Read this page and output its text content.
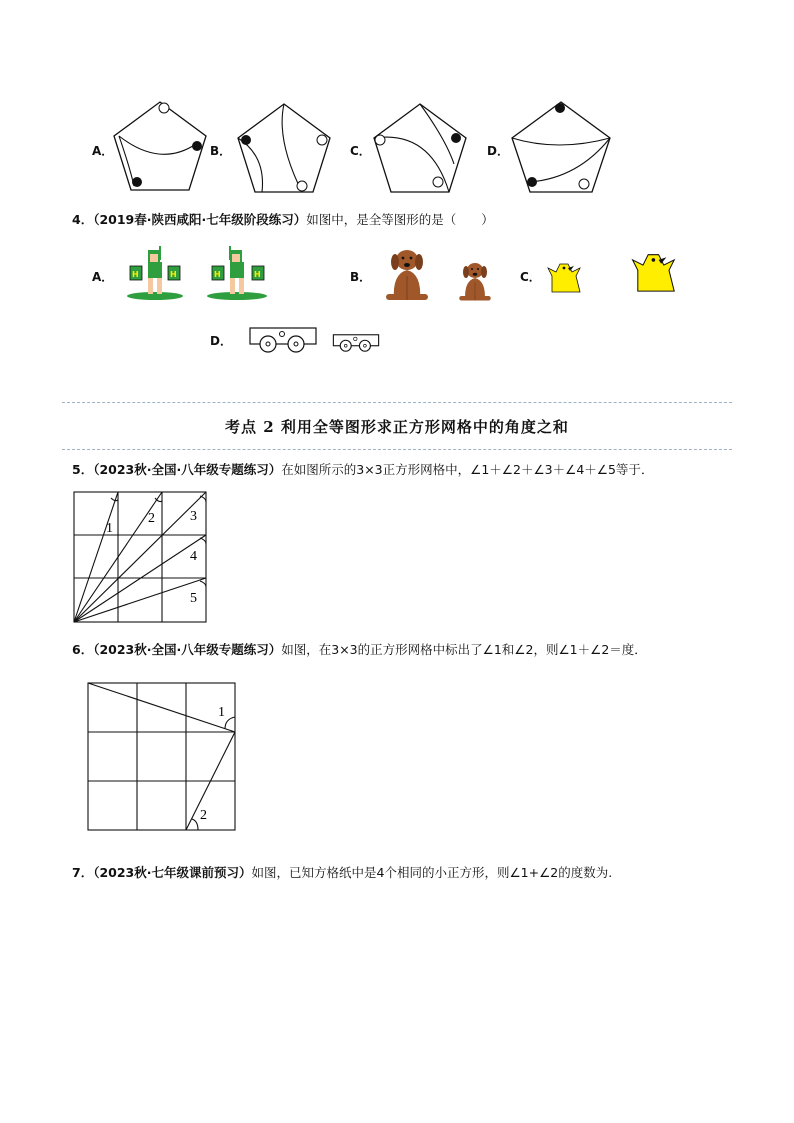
A．	B．	C．	D．
4．（2019春·陕西咸阳·七年级阶段练习）如图中，是全等图形的是（　　）
A．	B．	C．
D．
H	H	H	H
考点 2 利用全等图形求正方形网格中的角度之和
5．（2023秋·全国·八年级专题练习）在如图所示的3×3正方形网格中，∠1＋∠2＋∠3＋∠4＋∠5等于．
1
2	3
4
5
6．（2023秋·全国·八年级专题练习）如图，在3×3的正方形网格中标出了∠1和∠2，则∠1＋∠2＝度．
1
2
7．（2023秋·七年级课前预习）如图，已知方格纸中是4个相同的小正方形，则∠1+∠2的度数为.
